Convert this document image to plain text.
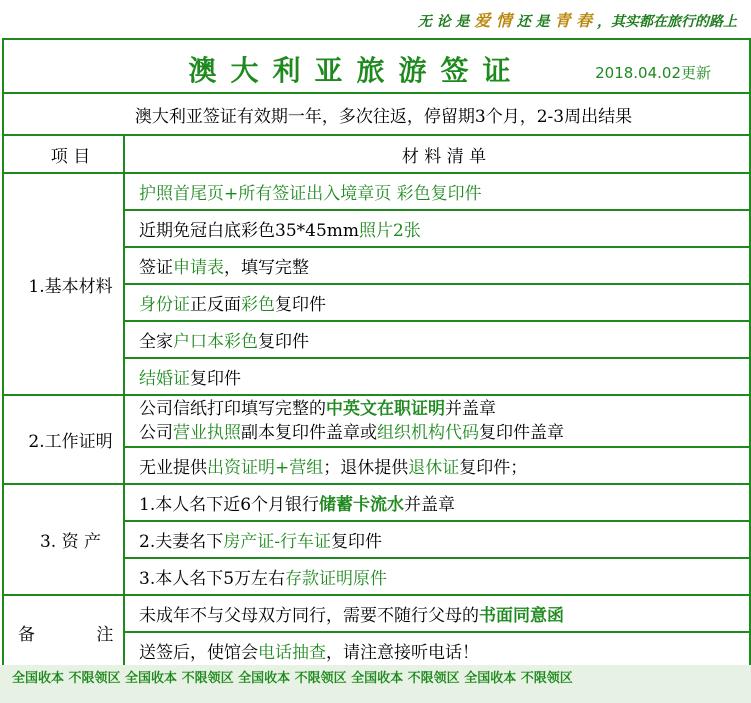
无 论 是 爱 情 还 是 青 春 ，其实都在旅行的路上
澳大利亚旅游签证 2018.04.02更新	

澳大利亚签证有效期一年，多次往返，停留期3个月，2-3周出结果	
项 目	材 料 清 单
1.基本材料	护照首尾页+所有签证出入境章页 彩色复印件
	近期免冠白底彩色35*45mm照片2张
	签证申请表，填写完整
	身份证正反面彩色复印件
	全家户口本彩色复印件
	结婚证复印件
2.工作证明	公司信纸打印填写完整的中英文在职证明并盖章
公司营业执照副本复印件盖章或组织机构代码复印件盖章

	无业提供出资证明+营组；退休提供退休证复印件；
3. 资 产	1.本人名下近6个月银行储蓄卡流水并盖章
	2.夫妻名下房产证-行车证复印件
	3.本人名下5万左右存款证明原件
备 注	未成年不与父母双方同行，需要不随行父母的书面同意函
	送签后，使馆会电话抽查，请注意接听电话！
全国收本 不限领区 全国收本 不限领区 全国收本 不限领区 全国收本 不限领区 全国收本 不限领区
